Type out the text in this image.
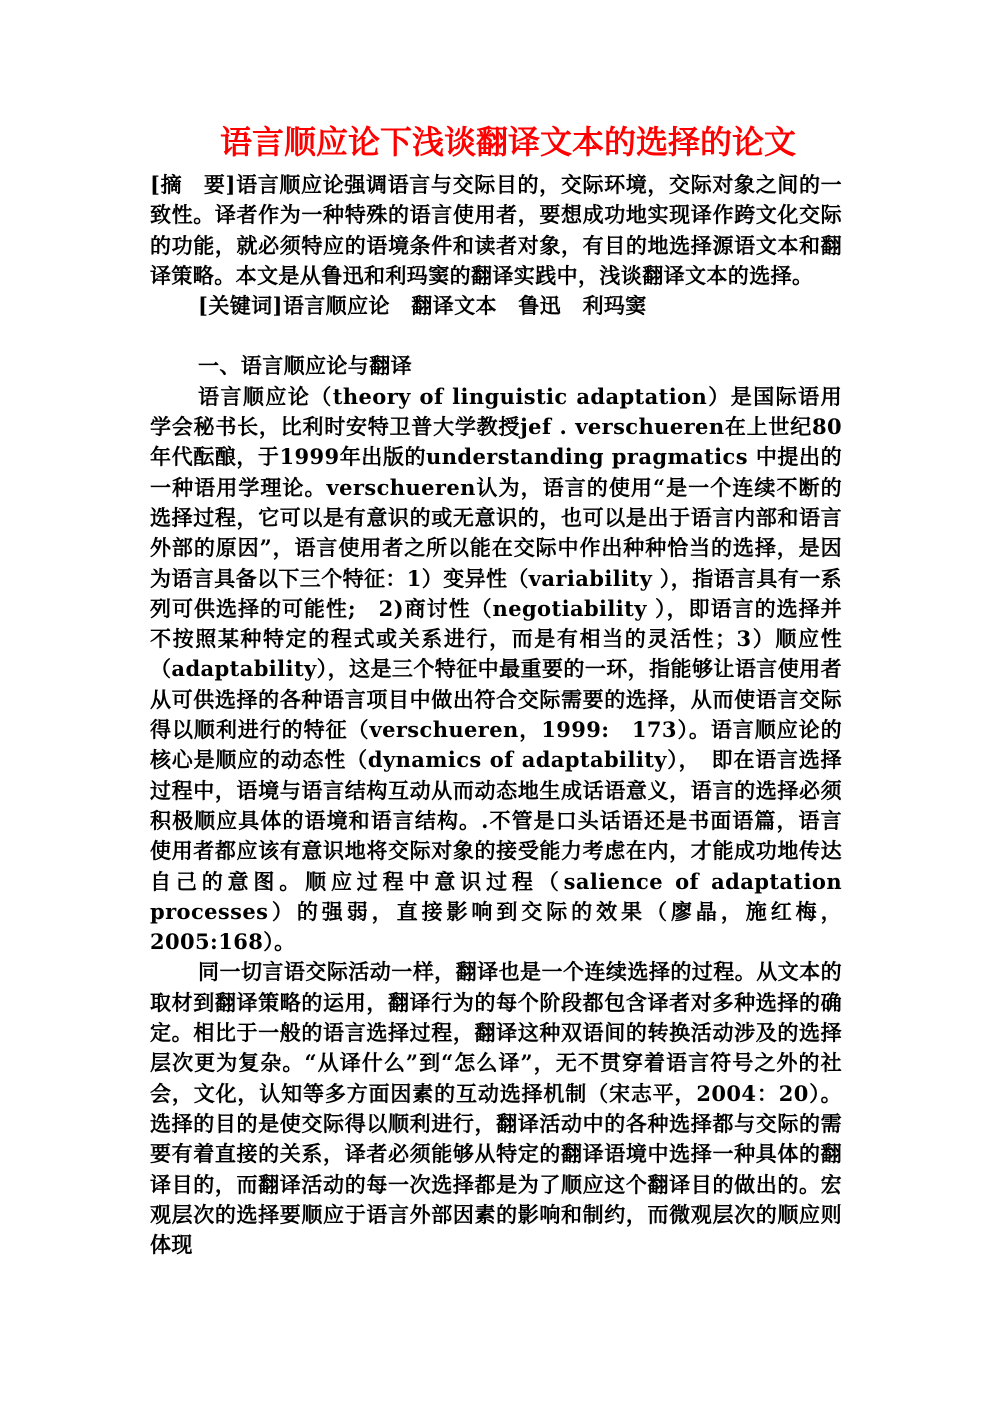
语言顺应论下浅谈翻译文本的选择的论文

[摘　要]语言顺应论强调语言与交际目的，交际环境，交际对象之间的一致性。译者作为一种特殊的语言使用者，要想成功地实现译作跨文化交际的功能，就必须特应的语境条件和读者对象，有目的地选择源语文本和翻译策略。本文是从鲁迅和利玛窦的翻译实践中，浅谈翻译文本的选择。

[关键词]语言顺应论　翻译文本　鲁迅　利玛窦

一、语言顺应论与翻译

语言顺应论（theory of linguistic adaptation）是国际语用学会秘书长，比利时安特卫普大学教授jef . verschueren在上世纪80年代酝酿，于1999年出版的understanding pragmatics 中提出的一种语用学理论。verschueren认为，语言的使用“是一个连续不断的选择过程，它可以是有意识的或无意识的，也可以是出于语言内部和语言外部的原因”，语言使用者之所以能在交际中作出种种恰当的选择，是因为语言具备以下三个特征：1）变异性（variability ），指语言具有一系列可供选择的可能性;　2)商讨性（negotiability ），即语言的选择并不按照某种特定的程式或关系进行，而是有相当的灵活性；3）顺应性（adaptability），这是三个特征中最重要的一环，指能够让语言使用者从可供选择的各种语言项目中做出符合交际需要的选择，从而使语言交际得以顺利进行的特征（verschueren，1999:　173）。语言顺应论的核心是顺应的动态性（dynamics of adaptability），　即在语言选择过程中，语境与语言结构互动从而动态地生成话语意义，语言的选择必须积极顺应具体的语境和语言结构。.不管是口头话语还是书面语篇，语言使用者都应该有意识地将交际对象的接受能力考虑在内，才能成功地传达自己的意图。顺应过程中意识过程（salience of adaptation processes）的强弱，直接影响到交际的效果（廖晶，施红梅，2005:168）。

同一切言语交际活动一样，翻译也是一个连续选择的过程。从文本的取材到翻译策略的运用，翻译行为的每个阶段都包含译者对多种选择的确定。相比于一般的语言选择过程，翻译这种双语间的转换活动涉及的选择层次更为复杂。“从译什么”到“怎么译”，无不贯穿着语言符号之外的社会，文化，认知等多方面因素的互动选择机制（宋志平，2004：20）。选择的目的是使交际得以顺利进行，翻译活动中的各种选择都与交际的需要有着直接的关系，译者必须能够从特定的翻译语境中选择一种具体的翻译目的，而翻译活动的每一次选择都是为了顺应这个翻译目的做出的。宏观层次的选择要顺应于语言外部因素的影响和制约，而微观层次的顺应则体现
